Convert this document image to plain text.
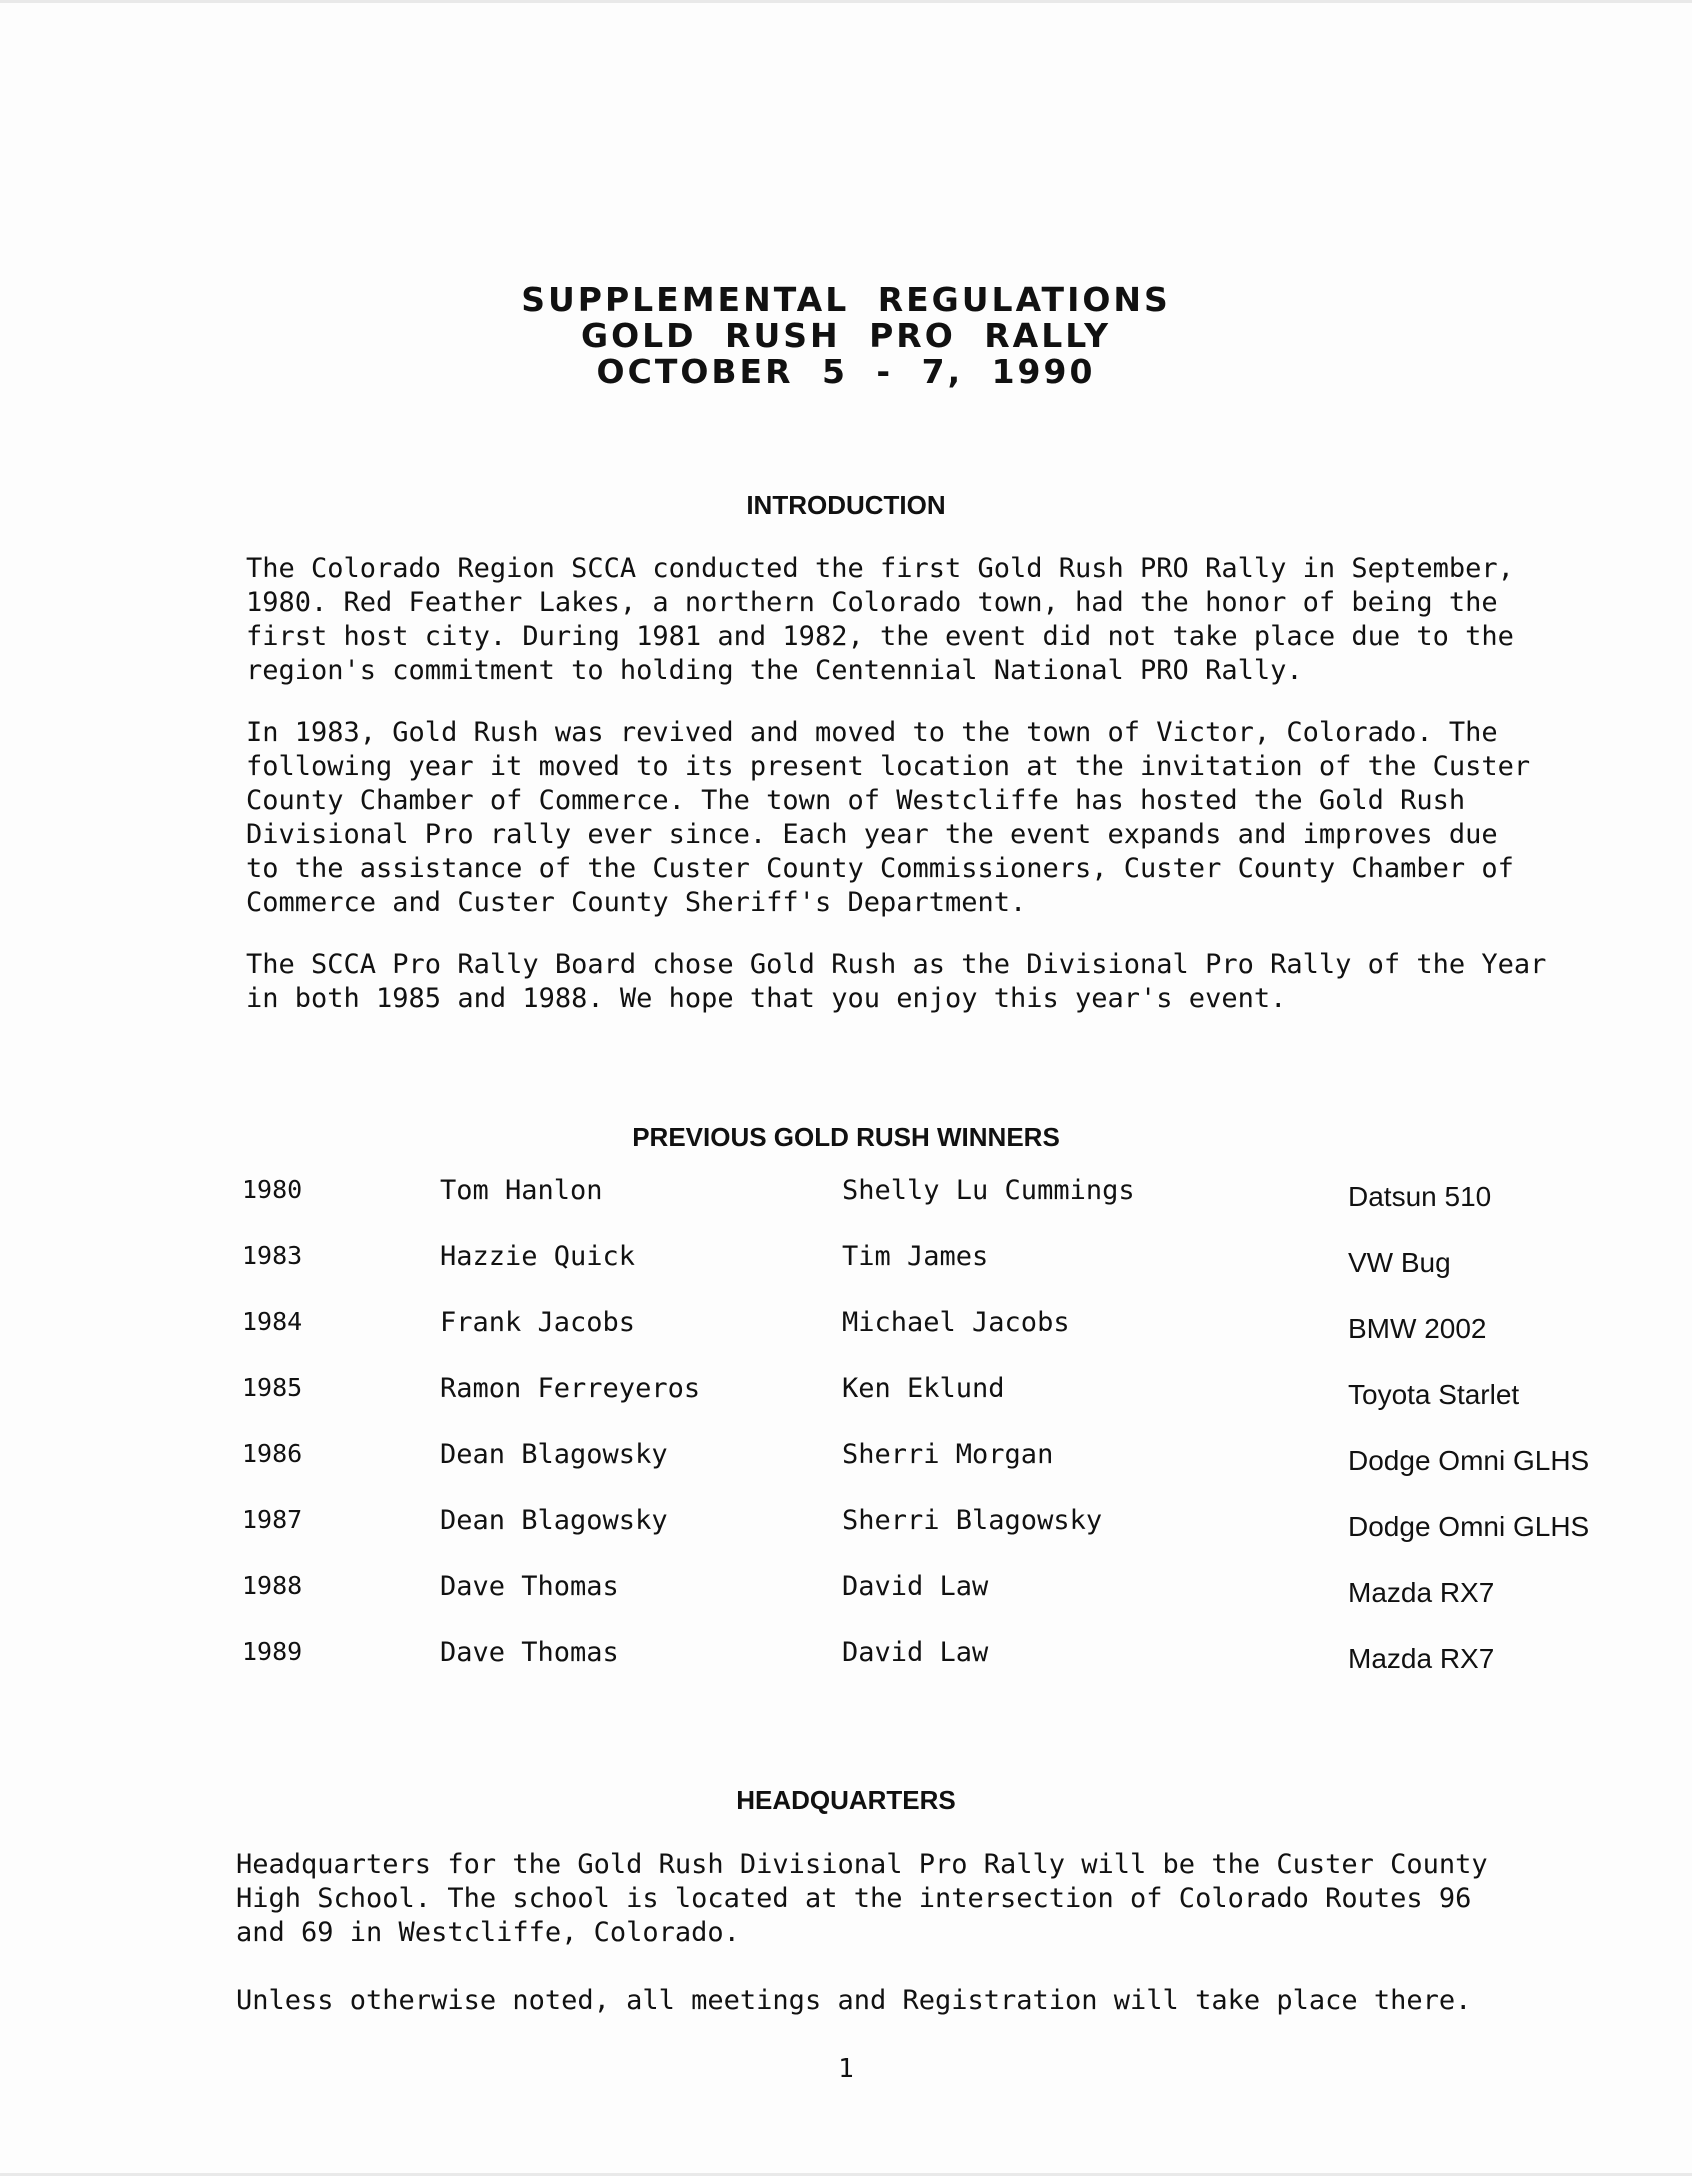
SUPPLEMENTAL REGULATIONS
GOLD RUSH PRO RALLY
OCTOBER 5 - 7, 1990
INTRODUCTION
The Colorado Region SCCA conducted the first Gold Rush PRO Rally in September,
1980. Red Feather Lakes, a northern Colorado town, had the honor of being the
first host city. During 1981 and 1982, the event did not take place due to the
region's commitment to holding the Centennial National PRO Rally.
In 1983, Gold Rush was revived and moved to the town of Victor, Colorado. The
following year it moved to its present location at the invitation of the Custer
County Chamber of Commerce. The town of Westcliffe has hosted the Gold Rush
Divisional Pro rally ever since. Each year the event expands and improves due
to the assistance of the Custer County Commissioners, Custer County Chamber of
Commerce and Custer County Sheriff's Department.
The SCCA Pro Rally Board chose Gold Rush as the Divisional Pro Rally of the Year
in both 1985 and 1988. We hope that you enjoy this year's event.
PREVIOUS GOLD RUSH WINNERS
1980	Tom Hanlon	Shelly Lu Cummings	Datsun 510
1983	Hazzie Quick	Tim James	VW Bug
1984	Frank Jacobs	Michael Jacobs	BMW 2002
1985	Ramon Ferreyeros	Ken Eklund	Toyota Starlet
1986	Dean Blagowsky	Sherri Morgan	Dodge Omni GLHS
1987	Dean Blagowsky	Sherri Blagowsky	Dodge Omni GLHS
1988	Dave Thomas	David Law	Mazda RX7
1989	Dave Thomas	David Law	Mazda RX7
HEADQUARTERS
Headquarters for the Gold Rush Divisional Pro Rally will be the Custer County
High School. The school is located at the intersection of Colorado Routes 96
and 69 in Westcliffe, Colorado.
Unless otherwise noted, all meetings and Registration will take place there.
1
